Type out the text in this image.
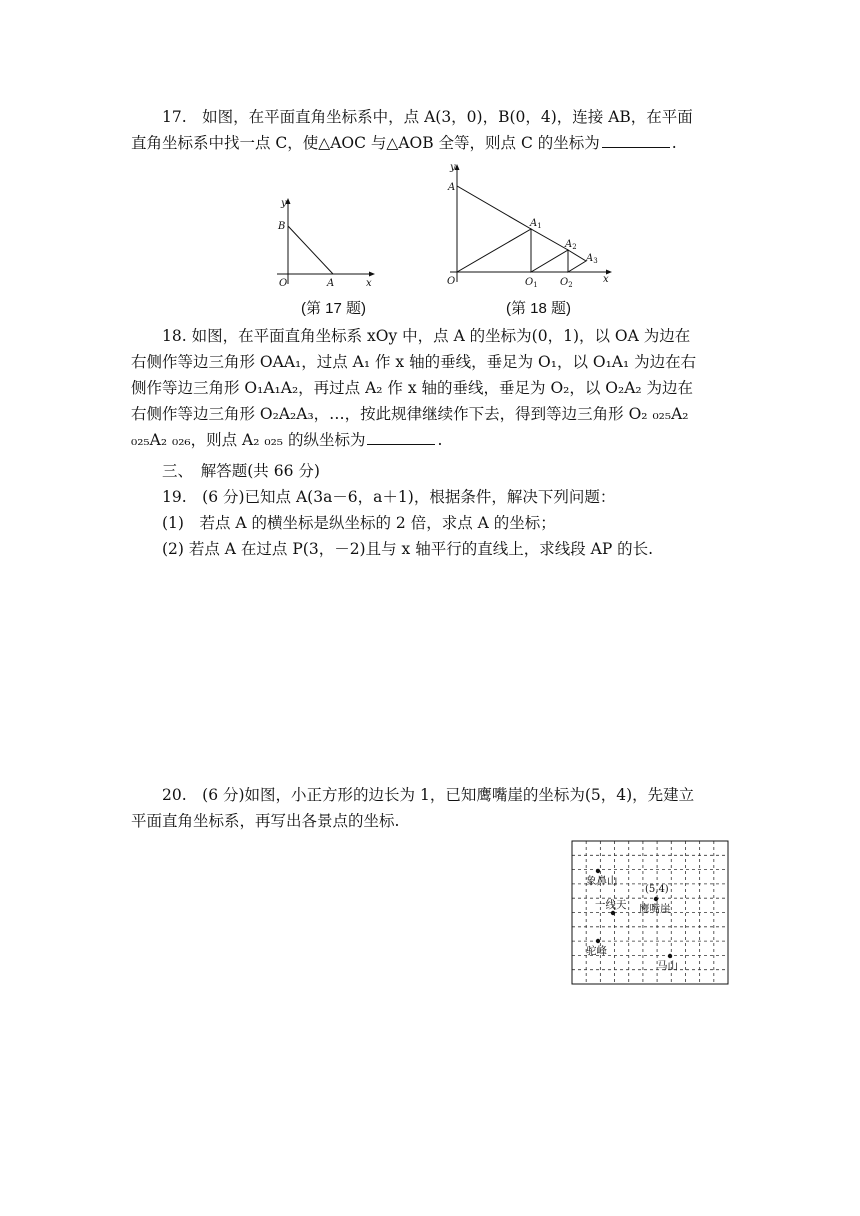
17.　如图，在平面直角坐标系中，点 A(3，0)，B(0，4)，连接 AB，在平面
直角坐标系中找一点 C，使△AOC 与△AOB 全等，则点 C 的坐标为	.
y
x
O	A
B
y
x
O
A
$A_1$
$A_2$
$A_3$
$O_1$ $O_2$
(第 17 题)	(第 18 题)
18. 如图，在平面直角坐标系 xOy 中，点 A 的坐标为(0，1)，以 OA 为边在
右侧作等边三角形 OAA₁，过点 A₁ 作 x 轴的垂线，垂足为 O₁，以 O₁A₁ 为边在右
侧作等边三角形 O₁A₁A₂，再过点 A₂ 作 x 轴的垂线，垂足为 O₂，以 O₂A₂ 为边在
右侧作等边三角形 O₂A₂A₃，…，按此规律继续作下去，得到等边三角形 O₂ ₀₂₅A₂
₀₂₅A₂ ₀₂₆，则点 A₂ ₀₂₅ 的纵坐标为	.
三、　解答题(共 66 分)
19.　(6 分)已知点 A(3a－6，a＋1)，根据条件，解决下列问题：
(1)　若点 A 的横坐标是纵坐标的 2 倍，求点 A 的坐标；
(2) 若点 A 在过点 P(3，－2)且与 x 轴平行的直线上，求线段 AP 的长.
20.　(6 分)如图，小正方形的边长为 1，已知鹰嘴崖的坐标为(5，4)，先建立
平面直角坐标系，再写出各景点的坐标.
象鼻山
(5,4)
一线天 鹰嘴崖
驼峰
马山
